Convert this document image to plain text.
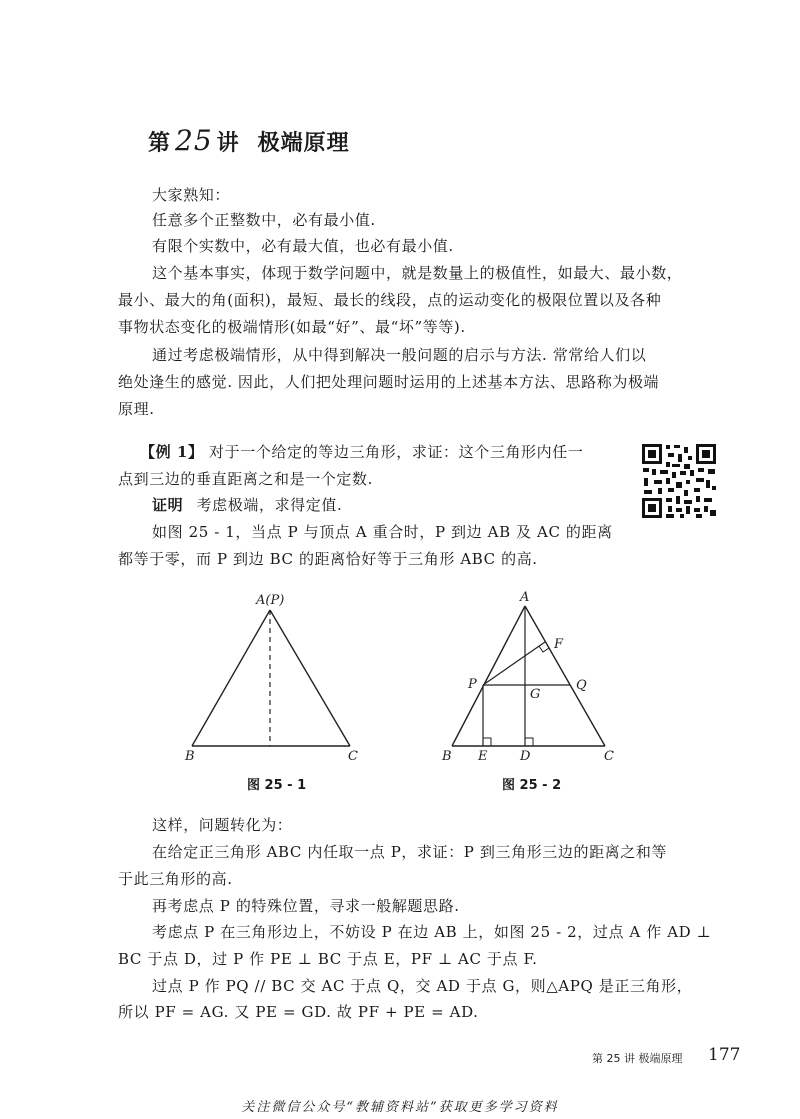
第 25 讲 极端原理
大家熟知：
任意多个正整数中，必有最小值.
有限个实数中，必有最大值，也必有最小值.
这个基本事实，体现于数学问题中，就是数量上的极值性，如最大、最小数，
最小、最大的角(面积)，最短、最长的线段，点的运动变化的极限位置以及各种
事物状态变化的极端情形(如最“好”、最“坏”等等).
通过考虑极端情形，从中得到解决一般问题的启示与方法. 常常给人们以
绝处逢生的感觉. 因此，人们把处理问题时运用的上述基本方法、思路称为极端
原理.
【例 1】 对于一个给定的等边三角形，求证：这个三角形内任一
点到三边的垂直距离之和是一个定数.
证明 考虑极端，求得定值.
如图 25 - 1，当点 P 与顶点 A 重合时，P 到边 AB 及 AC 的距离
都等于零，而 P 到边 BC 的距离恰好等于三角形 ABC 的高.
A(P)
B	C
图 25 - 1
A
B	C
D
E
F
G
P	Q
图 25 - 2
这样，问题转化为：
在给定正三角形 ABC 内任取一点 P，求证：P 到三角形三边的距离之和等
于此三角形的高.
再考虑点 P 的特殊位置，寻求一般解题思路.
考虑点 P 在三角形边上，不妨设 P 在边 AB 上，如图 25 - 2，过点 A 作 AD ⊥
BC 于点 D，过 P 作 PE ⊥ BC 于点 E，PF ⊥ AC 于点 F.
过点 P 作 PQ // BC 交 AC 于点 Q，交 AD 于点 G，则△APQ 是正三角形，
所以 PF = AG. 又 PE = GD. 故 PF + PE = AD.
第 25 讲 极端原理 177
关注微信公众号“教辅资料站”获取更多学习资料
